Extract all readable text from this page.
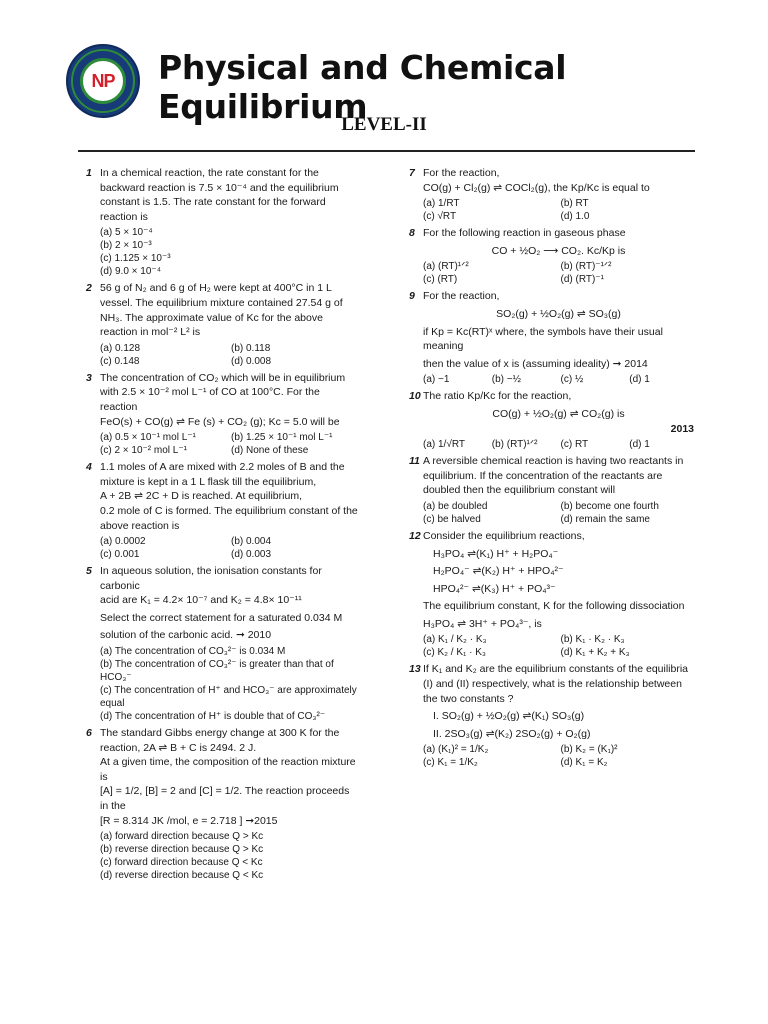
NP Physical and Chemical Equilibrium
LEVEL-II
1 In a chemical reaction, the rate constant for the
backward reaction is 7.5 × 10⁻⁴ and the equilibrium
constant is 1.5. The rate constant for the forward
reaction is
(a) 5 × 10⁻⁴
(b) 2 × 10⁻³
(c) 1.125 × 10⁻³
(d) 9.0 × 10⁻⁴
2 56 g of N₂ and 6 g of H₂ were kept at 400°C in 1 L
vessel. The equilibrium mixture contained 27.54 g of
NH₃. The approximate value of Kc for the above
reaction in mol⁻² L² is
(a) 0.128	(b) 0.118
(c) 0.148	(d) 0.008
3 The concentration of CO₂ which will be in equilibrium
with 2.5 × 10⁻² mol L⁻¹ of CO at 100°C. For the reaction
FeO(s) + CO(g) ⇌ Fe (s) + CO₂ (g); Kc = 5.0 will be
(a) 0.5 × 10⁻¹ mol L⁻¹	(b) 1.25 × 10⁻¹ mol L⁻¹
(c) 2 × 10⁻² mol L⁻¹	(d) None of these
4 1.1 moles of A are mixed with 2.2 moles of B and the
mixture is kept in a 1 L flask till the equilibrium,
A + 2B ⇌ 2C + D is reached. At equilibrium,
0.2 mole of C is formed. The equilibrium constant of the
above reaction is
(a) 0.0002	(b) 0.004
(c) 0.001	(d) 0.003
5 In aqueous solution, the ionisation constants for carbonic
acid are K₁ = 4.2× 10⁻⁷ and K₂ = 4.8× 10⁻¹¹
Select the correct statement for a saturated 0.034 M
solution of the carbonic acid. ➞ 2010
(a) The concentration of CO₃²⁻ is 0.034 M
(b) The concentration of CO₃²⁻ is greater than that of HCO₃⁻
(c) The concentration of H⁺ and HCO₃⁻ are approximately
equal
(d) The concentration of H⁺ is double that of CO₃²⁻
6 The standard Gibbs energy change at 300 K for the
reaction, 2A ⇌ B + C is 2494. 2 J.
At a given time, the composition of the reaction mixture is
[A] = 1/2, [B] = 2 and [C] = 1/2. The reaction proceeds in the
[R = 8.314 JK /mol, e = 2.718 ] ➞2015
(a) forward direction because Q > Kc
(b) reverse direction because Q > Kc
(c) forward direction because Q < Kc
(d) reverse direction because Q < Kc
7 For the reaction,
CO(g) + Cl₂(g) ⇌ COCl₂(g), the Kp/Kc is equal to
(a) 1/RT	(b) RT
(c) √RT	(d) 1.0
8 For the following reaction in gaseous phase
CO + ½O₂ ⟶ CO₂. Kc/Kp is
(a) (RT)¹ᐟ²	(b) (RT)⁻¹ᐟ²
(c) (RT)	(d) (RT)⁻¹
9 For the reaction,
SO₂(g) + ½O₂(g) ⇌ SO₃(g)
if Kp = Kc(RT)ˣ where, the symbols have their usual meaning
then the value of x is (assuming ideality) ➞ 2014
(a) −1	(b) −½	(c) ½	(d) 1
10 The ratio Kp/Kc for the reaction,
CO(g) + ½O₂(g) ⇌ CO₂(g) is
2013
(a) 1/√RT	(b) (RT)¹ᐟ²	(c) RT	(d) 1
11 A reversible chemical reaction is having two reactants in
equilibrium. If the concentration of the reactants are
doubled then the equilibrium constant will
(a) be doubled	(b) become one fourth
(c) be halved	(d) remain the same
12 Consider the equilibrium reactions,
H₃PO₄ ⇌(K₁) H⁺ + H₂PO₄⁻
H₂PO₄⁻ ⇌(K₂) H⁺ + HPO₄²⁻
HPO₄²⁻ ⇌(K₃) H⁺ + PO₄³⁻
The equilibrium constant, K for the following dissociation
H₃PO₄ ⇌ 3H⁺ + PO₄³⁻, is
(a) K₁ / K₂ · K₃	(b) K₁ · K₂ · K₃
(c) K₂ / K₁ · K₃	(d) K₁ + K₂ + K₃
13 If K₁ and K₂ are the equilibrium constants of the equilibria
(I) and (II) respectively, what is the relationship between
the two constants ?
I. SO₂(g) + ½O₂(g) ⇌(K₁) SO₃(g)
II. 2SO₃(g) ⇌(K₂) 2SO₂(g) + O₂(g)
(a) (K₁)² = 1/K₂	(b) K₂ = (K₁)²
(c) K₁ = 1/K₂	(d) K₁ = K₂
